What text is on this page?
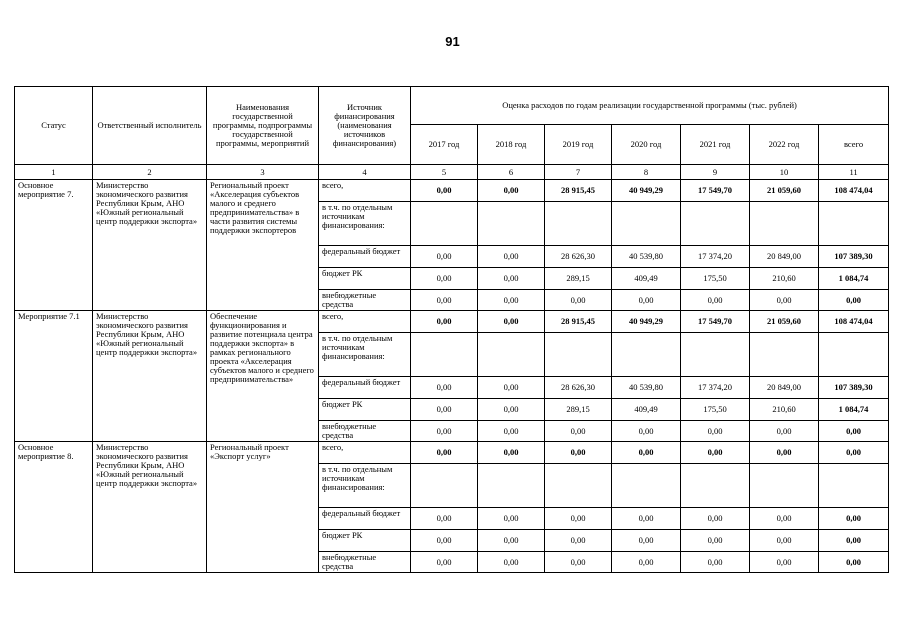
91
Статус	Ответственный исполнитель	Наименования государственной программы, подпрограммы государственной программы, мероприятий	Источник финансирования (наименования источников финансирования)	Оценка расходов по годам реализации государственной программы (тыс. рублей)						
				2017 год	2018 год	2019 год	2020 год	2021 год	2022 год	всего
1	2	3	4	5	6	7	8	9	10	11
Основное мероприятие 7.	Министерство экономического развития Республики Крым, АНО «Южный региональный центр поддержки экспорта»	Региональный проект «Акселерация субъектов малого и среднего предпринимательства» в части развития системы поддержки экспортеров	всего,	0,00	0,00	28 915,45	40 949,29	17 549,70	21 059,60	108 474,04
			в т.ч. по отдельным источникам финансирования:							
			федеральный бюджет	0,00	0,00	28 626,30	40 539,80	17 374,20	20 849,00	107 389,30
			бюджет РК	0,00	0,00	289,15	409,49	175,50	210,60	1 084,74
			внебюджетные средства	0,00	0,00	0,00	0,00	0,00	0,00	0,00
Мероприятие 7.1	Министерство экономического развития Республики Крым, АНО «Южный региональный центр поддержки экспорта»	Обеспечение функционирования и развитие потенциала центра поддержки экспорта» в рамках регионального проекта «Акселерация субъектов малого и среднего предпринимательства»	всего,	0,00	0,00	28 915,45	40 949,29	17 549,70	21 059,60	108 474,04
			в т.ч. по отдельным источникам финансирования:							
			федеральный бюджет	0,00	0,00	28 626,30	40 539,80	17 374,20	20 849,00	107 389,30
			бюджет РК	0,00	0,00	289,15	409,49	175,50	210,60	1 084,74
			внебюджетные средства	0,00	0,00	0,00	0,00	0,00	0,00	0,00
Основное мероприятие 8.	Министерство экономического развития Республики Крым, АНО «Южный региональный центр поддержки экспорта»	Региональный проект «Экспорт услуг»	всего,	0,00	0,00	0,00	0,00	0,00	0,00	0,00
			в т.ч. по отдельным источникам финансирования:							
			федеральный бюджет	0,00	0,00	0,00	0,00	0,00	0,00	0,00
			бюджет РК	0,00	0,00	0,00	0,00	0,00	0,00	0,00
			внебюджетные средства	0,00	0,00	0,00	0,00	0,00	0,00	0,00
